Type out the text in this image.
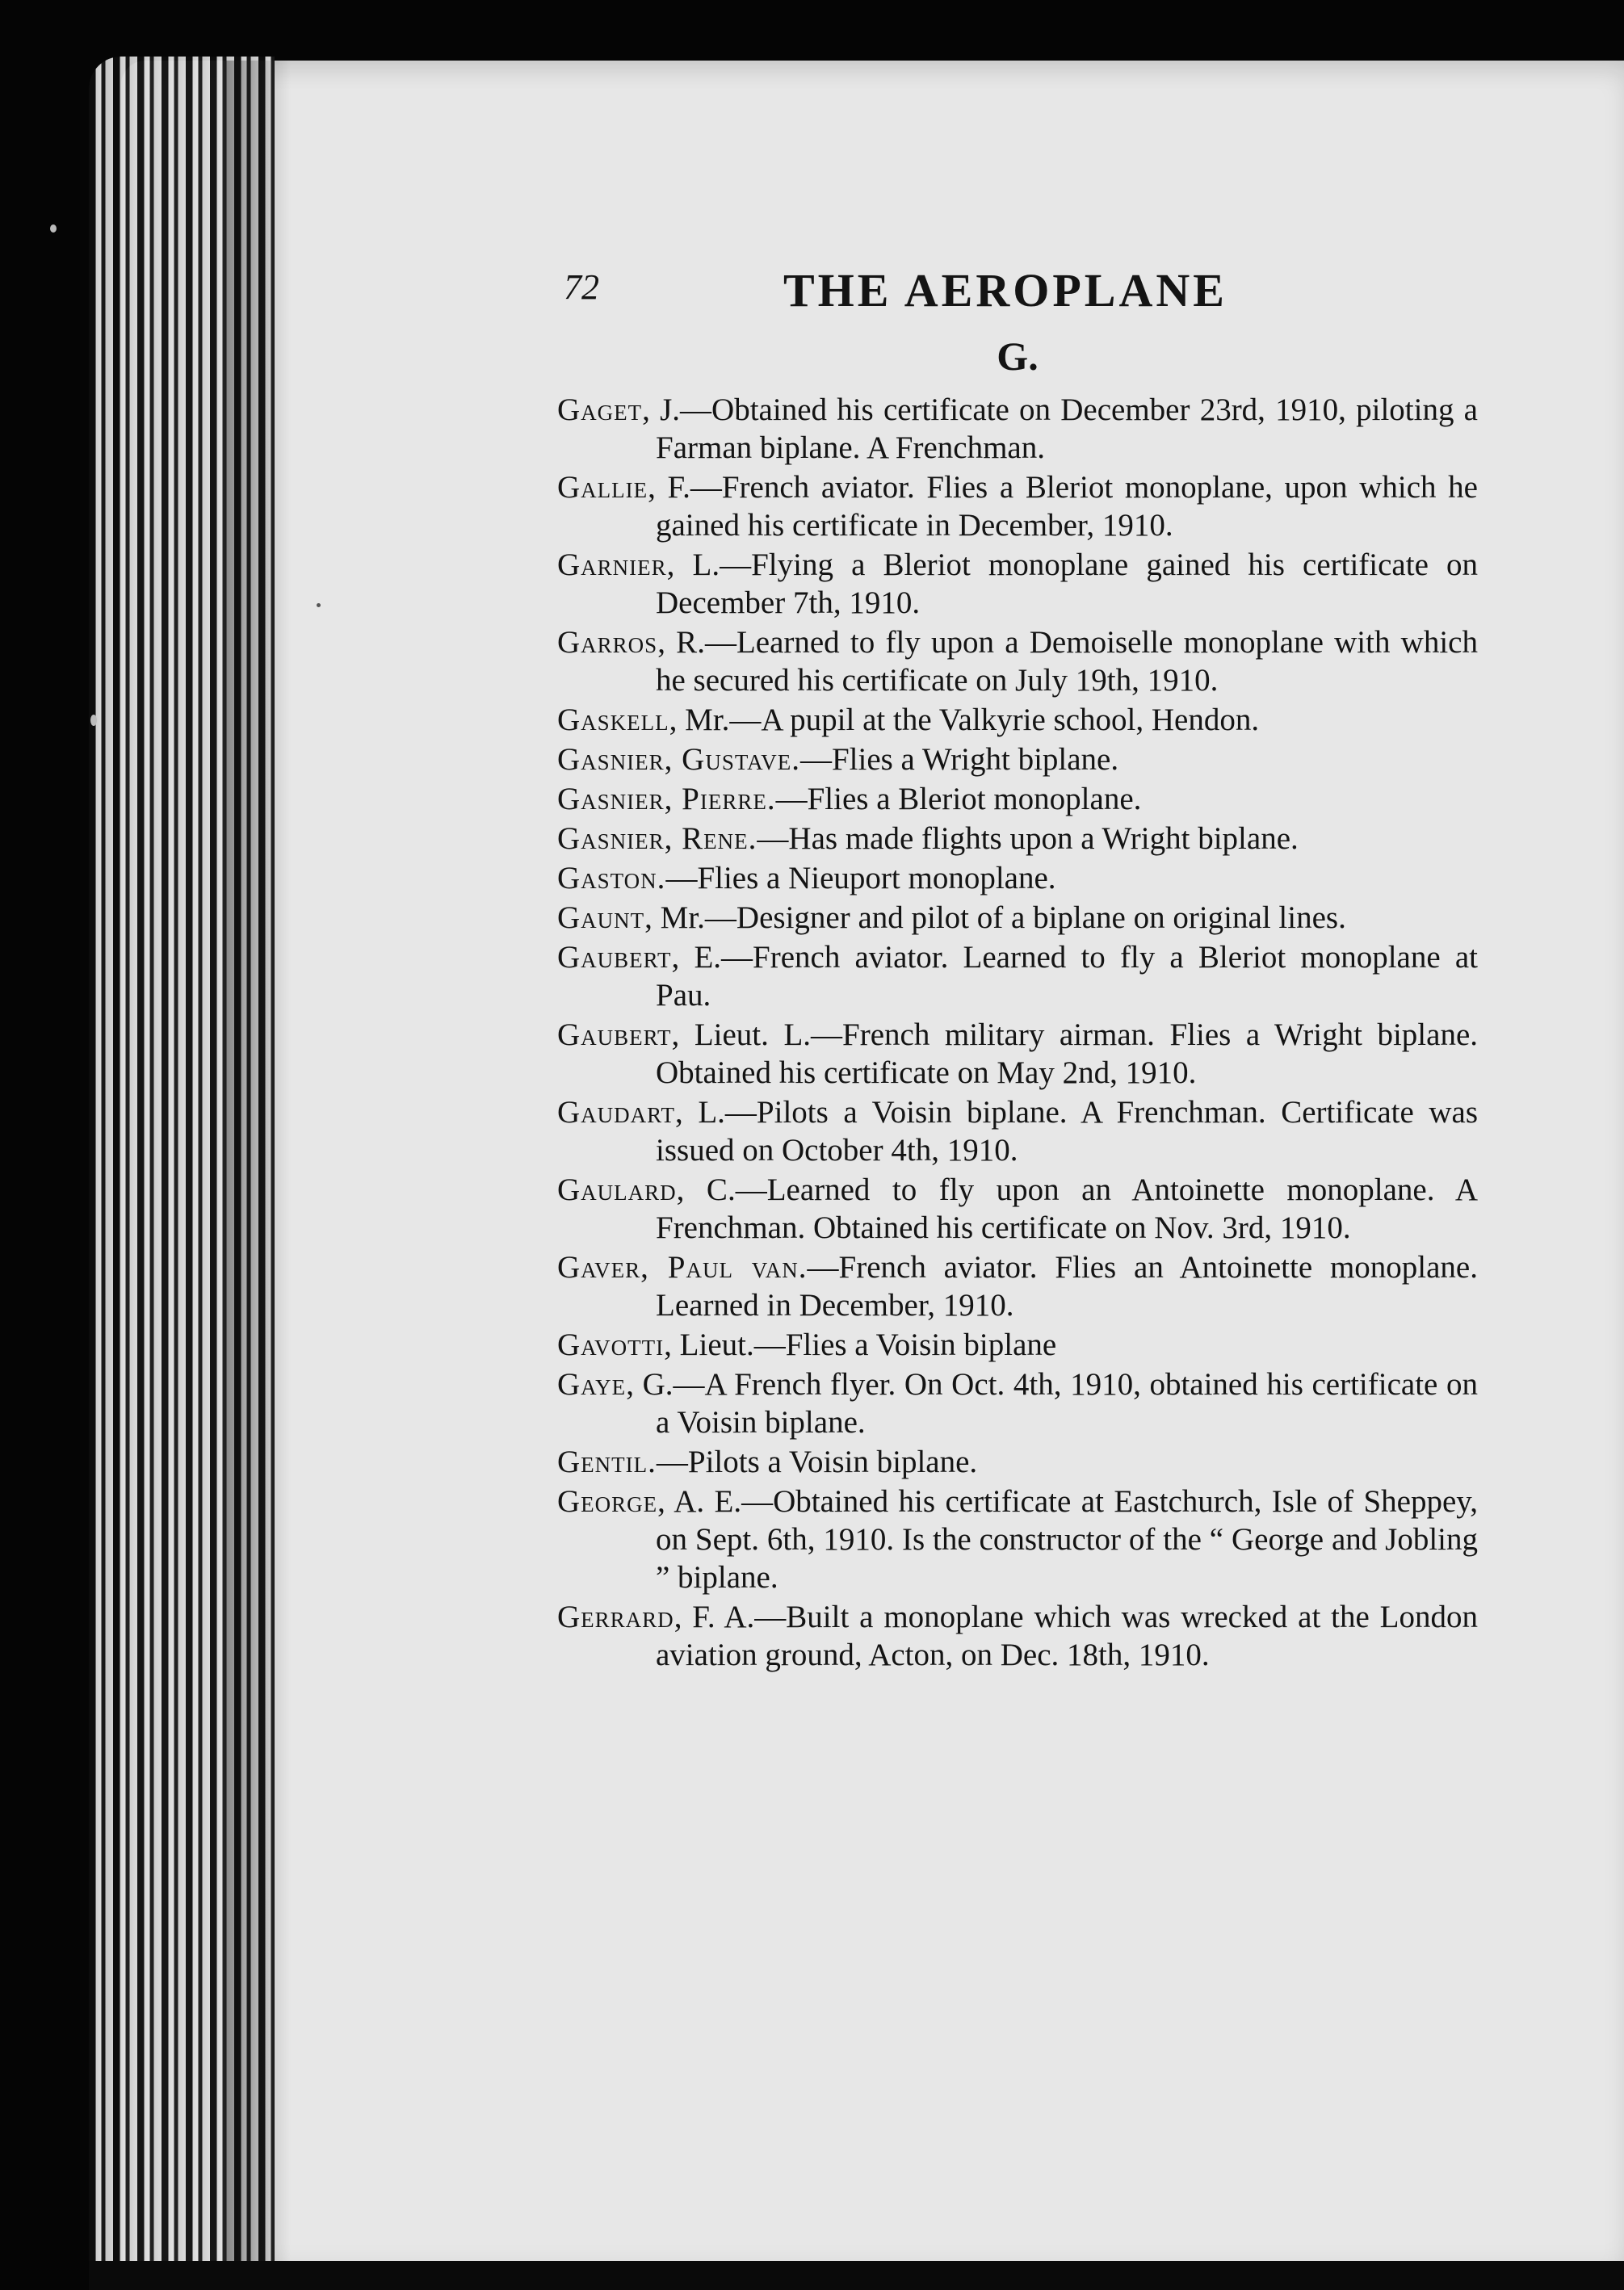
72	THE AEROPLANE
G.
Gaget, J.—Obtained his certificate on December 23rd, 1910, piloting a Farman biplane. A Frenchman.
Gallie, F.—French aviator. Flies a Bleriot monoplane, upon which he gained his certificate in December, 1910.
Garnier, L.—Flying a Bleriot monoplane gained his certificate on December 7th, 1910.
Garros, R.—Learned to fly upon a Demoiselle monoplane with which he secured his certificate on July 19th, 1910.
Gaskell, Mr.—A pupil at the Valkyrie school, Hendon.
Gasnier, Gustave.—Flies a Wright biplane.
Gasnier, Pierre.—Flies a Bleriot monoplane.
Gasnier, Rene.—Has made flights upon a Wright biplane.
Gaston.—Flies a Nieuport monoplane.
Gaunt, Mr.—Designer and pilot of a biplane on original lines.
Gaubert, E.—French aviator. Learned to fly a Bleriot monoplane at Pau.
Gaubert, Lieut. L.—French military airman. Flies a Wright biplane. Obtained his certificate on May 2nd, 1910.
Gaudart, L.—Pilots a Voisin biplane. A Frenchman. Certificate was issued on October 4th, 1910.
Gaulard, C.—Learned to fly upon an Antoinette monoplane. A Frenchman. Obtained his certificate on Nov. 3rd, 1910.
Gaver, Paul van.—French aviator. Flies an Antoinette monoplane. Learned in December, 1910.
Gavotti, Lieut.—Flies a Voisin biplane
Gaye, G.—A French flyer. On Oct. 4th, 1910, obtained his certificate on a Voisin biplane.
Gentil.—Pilots a Voisin biplane.
George, A. E.—Obtained his certificate at Eastchurch, Isle of Sheppey, on Sept. 6th, 1910. Is the constructor of the “ George and Jobling ” biplane.
Gerrard, F. A.—Built a monoplane which was wrecked at the London aviation ground, Acton, on Dec. 18th, 1910.
